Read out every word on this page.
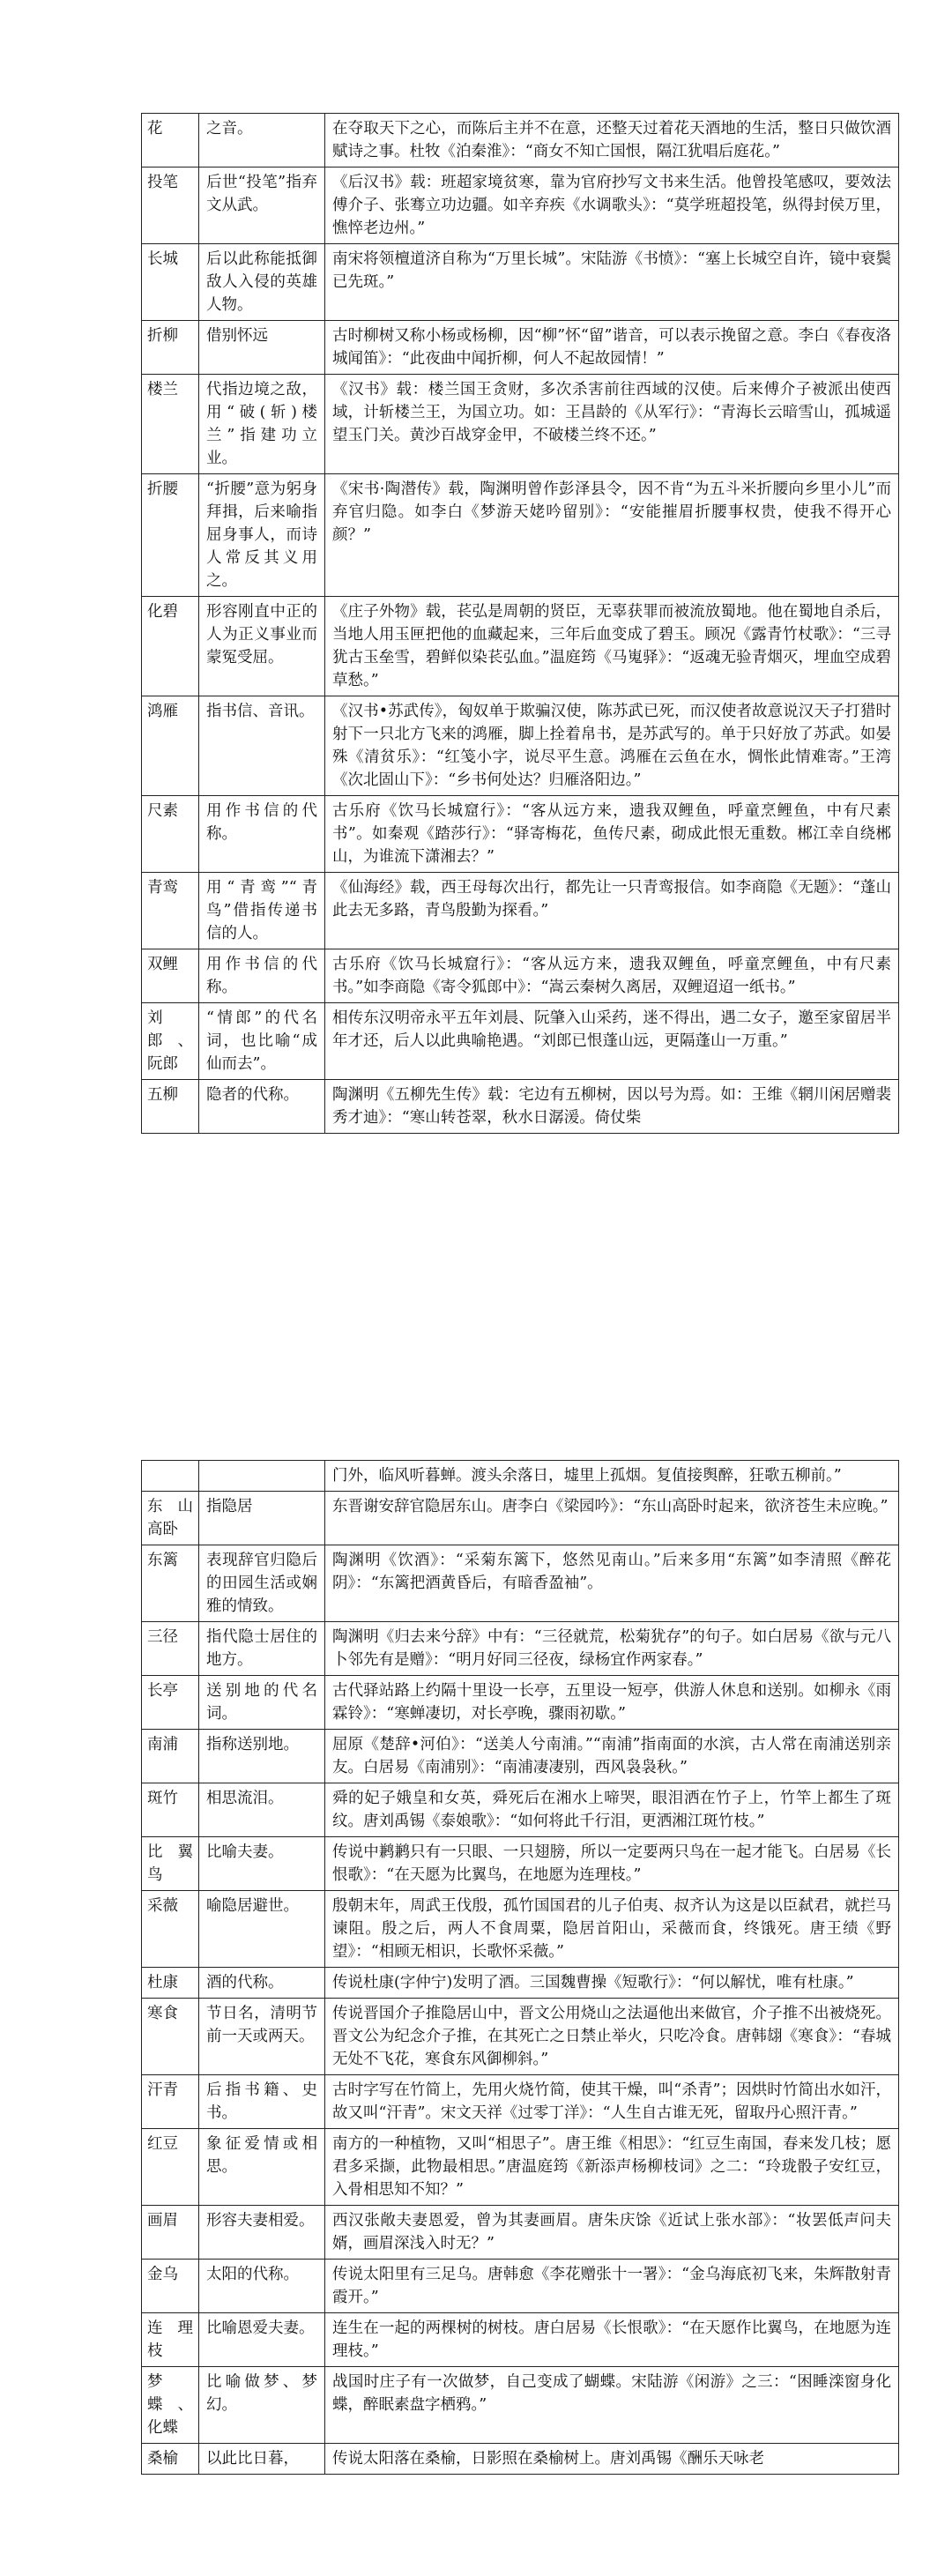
花	之音。	在夺取天下之心，而陈后主并不在意，还整天过着花天酒地的生活，整日只做饮酒赋诗之事。杜牧《泊秦淮》：“商女不知亡国恨，隔江犹唱后庭花。”
投笔	后世“投笔”指弃文从武。	《后汉书》载：班超家境贫寒，靠为官府抄写文书来生活。他曾投笔感叹，要效法傅介子、张骞立功边疆。如辛弃疾《水调歌头》：“莫学班超投笔，纵得封侯万里，憔悴老边州。”
长城	后以此称能抵御敌人入侵的英雄人物。	南宋将领檀道济自称为“万里长城”。宋陆游《书愤》：“塞上长城空自许，镜中衰鬓已先斑。”
折柳	借别怀远	古时柳树又称小杨或杨柳，因“柳”怀“留”谐音，可以表示挽留之意。李白《春夜洛城闻笛》：“此夜曲中闻折柳，何人不起故园情！”
楼兰	代指边境之敌，用“破(斩)楼兰”指建功立业。	《汉书》载：楼兰国王贪财，多次杀害前往西域的汉使。后来傅介子被派出使西域，计斩楼兰王，为国立功。如：王昌龄的《从军行》：“青海长云暗雪山，孤城遥望玉门关。黄沙百战穿金甲，不破楼兰终不还。”
折腰	“折腰”意为躬身拜揖，后来喻指屈身事人，而诗人常反其义用之。	《宋书·陶潜传》载，陶渊明曾作彭泽县令，因不肯“为五斗米折腰向乡里小儿”而弃官归隐。如李白《梦游天姥吟留别》：“安能摧眉折腰事权贵，使我不得开心颜？”
化碧	形容刚直中正的人为正义事业而蒙冤受屈。	《庄子外物》载，苌弘是周朝的贤臣，无辜获罪而被流放蜀地。他在蜀地自杀后，当地人用玉匣把他的血藏起来，三年后血变成了碧玉。顾况《露青竹杖歌》：“三寻犹古玉垒雪，碧鲜似染苌弘血。”温庭筠《马嵬驿》：“返魂无验青烟灭，埋血空成碧草愁。”
鸿雁	指书信、音讯。	《汉书•苏武传》，匈奴单于欺骗汉使，陈苏武已死，而汉使者故意说汉天子打猎时射下一只北方飞来的鸿雁，脚上拴着帛书，是苏武写的。单于只好放了苏武。如晏殊《清贫乐》：“红笺小字，说尽平生意。鸿雁在云鱼在水，惆怅此情难寄。”王湾《次北固山下》：“乡书何处达？归雁洛阳边。”
尺素	用作书信的代称。	古乐府《饮马长城窟行》：“客从远方来，遗我双鲤鱼，呼童烹鲤鱼，中有尺素书”。如秦观《踏莎行》：“驿寄梅花，鱼传尺素，砌成此恨无重数。郴江幸自绕郴山，为谁流下潇湘去？”
青鸾	用“青鸾”“青鸟”借指传递书信的人。	《仙海经》载，西王母每次出行，都先让一只青鸾报信。如李商隐《无题》：“蓬山此去无多路，青鸟殷勤为探看。”
双鲤	用作书信的代称。	古乐府《饮马长城窟行》：“客从远方来，遗我双鲤鱼，呼童烹鲤鱼，中有尺素书。”如李商隐《寄令狐郎中》：“嵩云秦树久离居，双鲤迢迢一纸书。”
刘郎、阮郎	“情郎”的代名词，也比喻“成仙而去”。	相传东汉明帝永平五年刘晨、阮肇入山采药，迷不得出，遇二女子，邀至家留居半年才还，后人以此典喻艳遇。“刘郎已恨蓬山远，更隔蓬山一万重。”
五柳	隐者的代称。	陶渊明《五柳先生传》载：宅边有五柳树，因以号为焉。如：王维《辋川闲居赠裴秀才迪》：“寒山转苍翠，秋水日潺湲。倚仗柴
		门外，临风听暮蝉。渡头余落日，墟里上孤烟。复值接舆醉，狂歌五柳前。”
东山高卧	指隐居	东晋谢安辞官隐居东山。唐李白《梁园吟》：“东山高卧时起来，欲济苍生未应晚。”
东篱	表现辞官归隐后的田园生活或娴雅的情致。	陶渊明《饮酒》：“采菊东篱下，悠然见南山。”后来多用“东篱”如李清照《醉花阴》：“东篱把酒黄昏后，有暗香盈袖”。
三径	指代隐士居住的地方。	陶渊明《归去来兮辞》中有：“三径就荒，松菊犹存”的句子。如白居易《欲与元八卜邻先有是赠》：“明月好同三径夜，绿杨宜作两家春。”
长亭	送别地的代名词。	古代驿站路上约隔十里设一长亭，五里设一短亭，供游人休息和送别。如柳永《雨霖铃》：“寒蝉凄切，对长亭晚，骤雨初歇。”
南浦	指称送别地。	屈原《楚辞•河伯》：“送美人兮南浦。”“南浦”指南面的水滨，古人常在南浦送别亲友。白居易《南浦别》：“南浦凄凄别，西风袅袅秋。”
斑竹	相思流泪。	舜的妃子娥皇和女英，舜死后在湘水上啼哭，眼泪洒在竹子上，竹竿上都生了斑纹。唐刘禹锡《泰娘歌》：“如何将此千行泪，更洒湘江斑竹枝。”
比翼鸟	比喻夫妻。	传说中鹣鹣只有一只眼、一只翅膀，所以一定要两只鸟在一起才能飞。白居易《长恨歌》：“在天愿为比翼鸟，在地愿为连理枝。”
采薇	喻隐居避世。	殷朝末年，周武王伐殷，孤竹国国君的儿子伯夷、叔齐认为这是以臣弑君，就拦马谏阻。殷之后，两人不食周粟，隐居首阳山，采薇而食，终饿死。唐王绩《野望》：“相顾无相识，长歌怀采薇。”
杜康	酒的代称。	传说杜康(字仲宁)发明了酒。三国魏曹操《短歌行》：“何以解忧，唯有杜康。”
寒食	节日名，清明节前一天或两天。	传说晋国介子推隐居山中，晋文公用烧山之法逼他出来做官，介子推不出被烧死。晋文公为纪念介子推，在其死亡之日禁止举火，只吃冷食。唐韩翃《寒食》：“春城无处不飞花，寒食东风御柳斜。”
汗青	后指书籍、史书。	古时字写在竹简上，先用火烧竹简，使其干燥，叫“杀青”；因烘时竹简出水如汗，故又叫“汗青”。宋文天祥《过零丁洋》：“人生自古谁无死，留取丹心照汗青。”
红豆	象征爱情或相思。	南方的一种植物，又叫“相思子”。唐王维《相思》：“红豆生南国，春来发几枝；愿君多采撷，此物最相思。”唐温庭筠《新添声杨柳枝词》之二：“玲珑骰子安红豆，入骨相思知不知？”
画眉	形容夫妻相爱。	西汉张敞夫妻恩爱，曾为其妻画眉。唐朱庆馀《近试上张水部》：“妆罢低声问夫婿，画眉深浅入时无？”
金乌	太阳的代称。	传说太阳里有三足乌。唐韩愈《李花赠张十一署》：“金乌海底初飞来，朱辉散射青霞开。”
连理枝	比喻恩爱夫妻。	连生在一起的两棵树的树枝。唐白居易《长恨歌》：“在天愿作比翼鸟，在地愿为连理枝。”
梦蝶、化蝶	比喻做梦、梦幻。	战国时庄子有一次做梦，自己变成了蝴蝶。宋陆游《闲游》之三：“困睡滦窗身化蝶，醉眠素盘字栖鸦。”
桑榆	以此比日暮，	传说太阳落在桑榆，日影照在桑榆树上。唐刘禹锡《酬乐天咏老
